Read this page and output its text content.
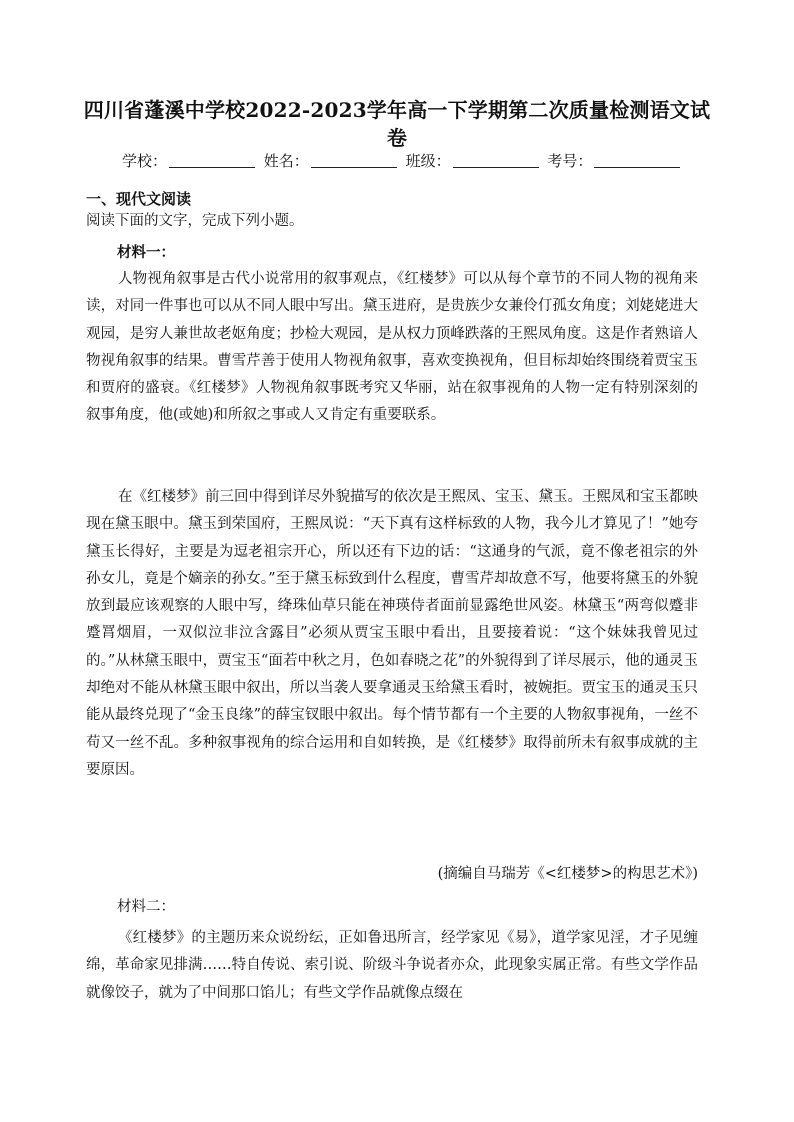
四川省蓬溪中学校2022-2023学年高一下学期第二次质量检测语文试卷
学校：	姓名：	班级：	考号：
一、现代文阅读
阅读下面的文字，完成下列小题。
材料一：

人物视角叙事是古代小说常用的叙事观点，《红楼梦》可以从每个章节的不同人物的视角来读，对同一件事也可以从不同人眼中写出。黛玉进府，是贵族少女兼伶仃孤女角度；刘姥姥进大观园，是穷人兼世故老妪角度；抄检大观园，是从权力顶峰跌落的王熙凤角度。这是作者熟谙人物视角叙事的结果。曹雪芹善于使用人物视角叙事，喜欢变换视角，但目标却始终围绕着贾宝玉和贾府的盛衰。《红楼梦》人物视角叙事既考究又华丽，站在叙事视角的人物一定有特别深刻的叙事角度，他(或她)和所叙之事或人又肯定有重要联系。

在《红楼梦》前三回中得到详尽外貌描写的依次是王熙凤、宝玉、黛玉。王熙凤和宝玉都映现在黛玉眼中。黛玉到荣国府，王熙凤说：“天下真有这样标致的人物，我今儿才算见了！”她夸黛玉长得好，主要是为逗老祖宗开心，所以还有下边的话：“这通身的气派，竟不像老祖宗的外孙女儿，竟是个嫡亲的孙女。”至于黛玉标致到什么程度，曹雪芹却故意不写，他要将黛玉的外貌放到最应该观察的人眼中写，绛珠仙草只能在神瑛侍者面前显露绝世风姿。林黛玉“两弯似蹙非蹙罥烟眉，一双似泣非泣含露目”必须从贾宝玉眼中看出，且要接着说：“这个妹妹我曾见过的。”从林黛玉眼中，贾宝玉“面若中秋之月，色如春晓之花”的外貌得到了详尽展示，他的通灵玉却绝对不能从林黛玉眼中叙出，所以当袭人要拿通灵玉给黛玉看时，被婉拒。贾宝玉的通灵玉只能从最终兑现了“金玉良缘”的薛宝钗眼中叙出。每个情节都有一个主要的人物叙事视角，一丝不苟又一丝不乱。多种叙事视角的综合运用和自如转换，是《红楼梦》取得前所未有叙事成就的主要原因。

(摘编自马瑞芳《<红楼梦>的构思艺术》)
材料二：

《红楼梦》的主题历来众说纷纭，正如鲁迅所言，经学家见《易》，道学家见淫，才子见缠绵，革命家见排满……特自传说、索引说、阶级斗争说者亦众，此现象实属正常。有些文学作品就像饺子，就为了中间那口馅儿；有些文学作品就像点缀在
